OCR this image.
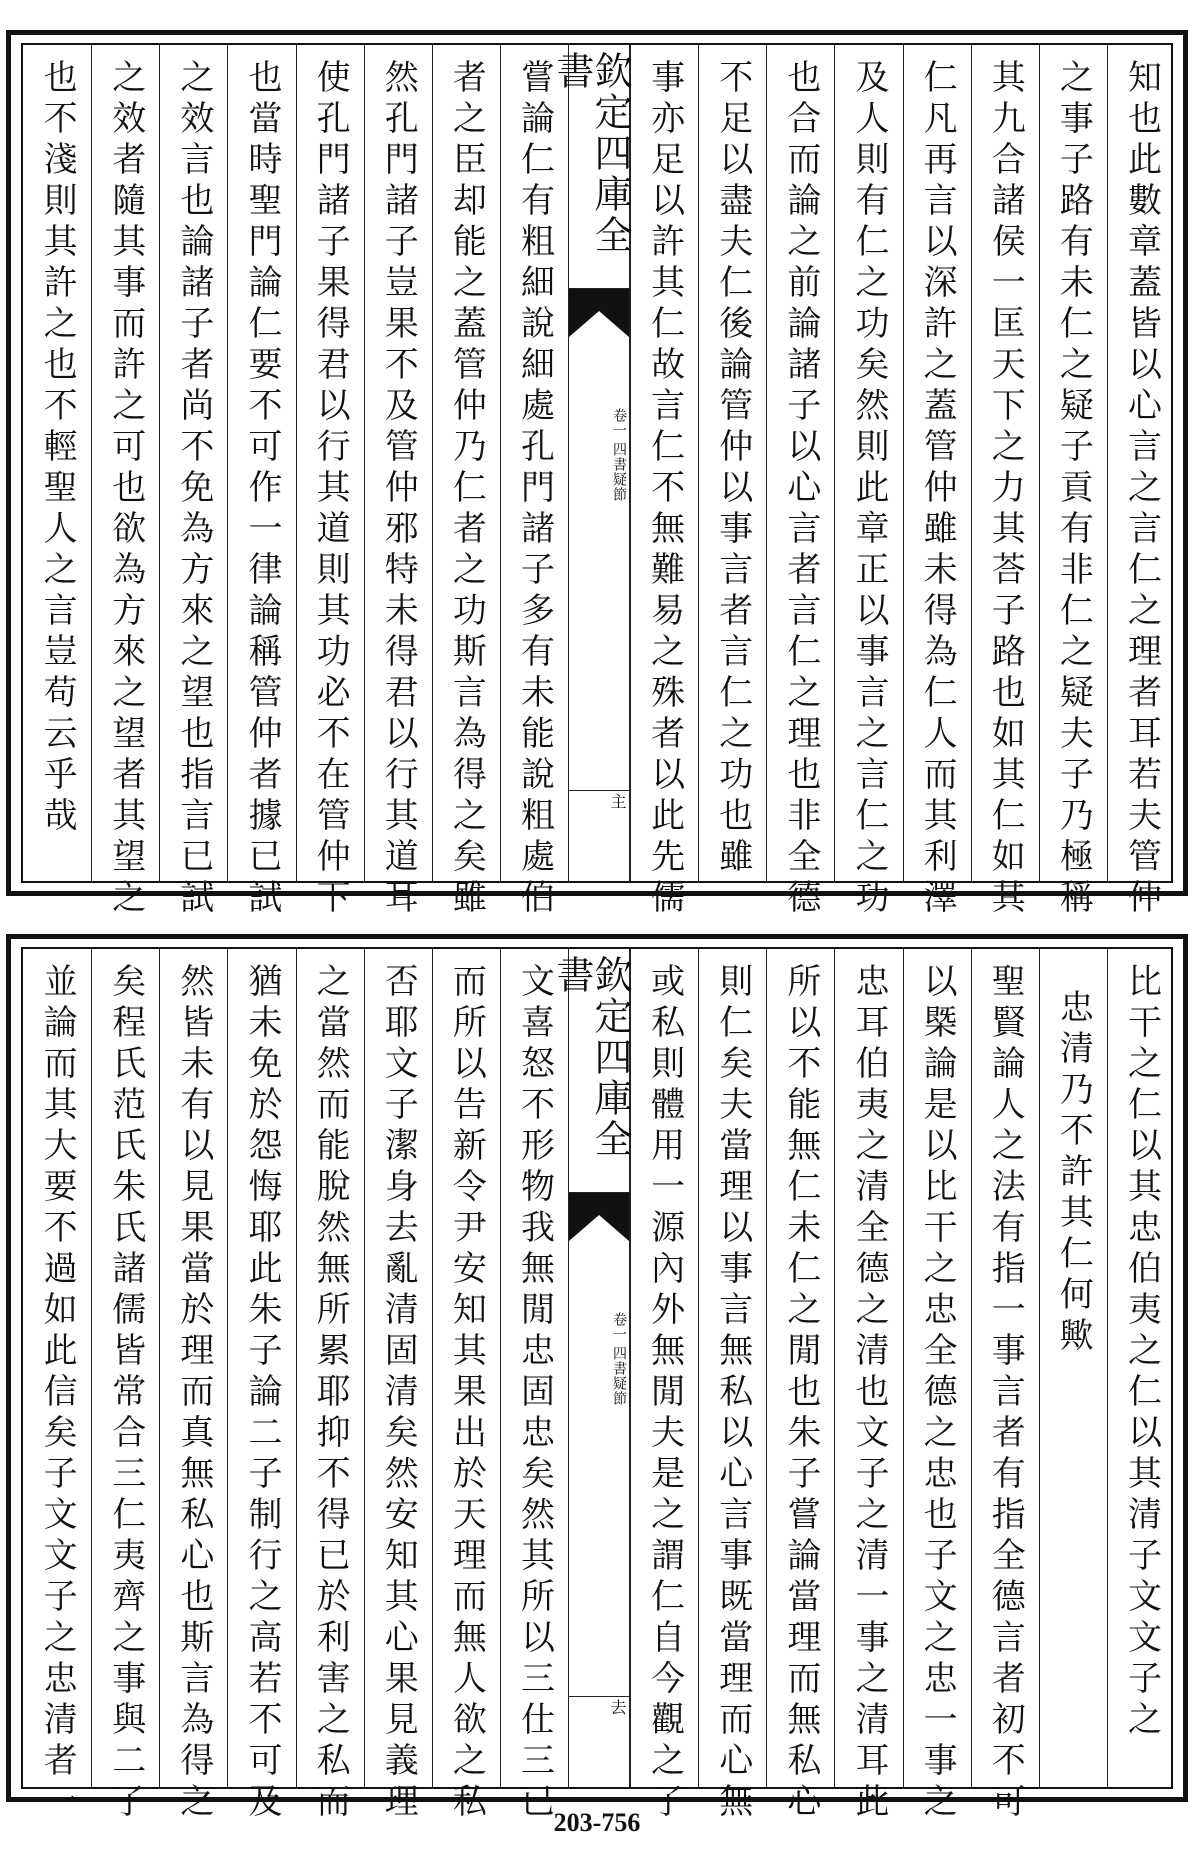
知也此數章蓋皆以心言之言仁之理者耳若夫管仲
之事子路有未仁之疑子貢有非仁之疑夫子乃極稱
其九合諸侯一匡天下之力其荅子路也如其仁如其
仁凡再言以深許之蓋管仲雖未得為仁人而其利澤
及人則有仁之功矣然則此章正以事言之言仁之功
也合而論之前論諸子以心言者言仁之理也非全德
不足以盡夫仁後論管仲以事言者言仁之功也雖一
事亦足以許其仁故言仁不無難易之殊者以此先儒
欽定四庫全書
卷一
四書疑節
主
嘗論仁有粗細說細處孔門諸子多有未能說粗處伯
者之臣却能之蓋管仲乃仁者之功斯言為得之矣雖
然孔門諸子豈果不及管仲邪特未得君以行其道耳
使孔門諸子果得君以行其道則其功必不在管仲下
也當時聖門論仁要不可作一律論稱管仲者據已試
之效言也論諸子者尚不免為方來之望也指言已試
之效者隨其事而許之可也欲為方來之望者其望之
也不淺則其許之也不輕聖人之言豈苟云乎哉
比干之仁以其忠伯夷之仁以其清子文文子之
忠清乃不許其仁何歟
聖賢論人之法有指一事言者有指全德言者初不可
以槩論是以比干之忠全德之忠也子文之忠一事之
忠耳伯夷之清全德之清也文子之清一事之清耳此
所以不能無仁未仁之閒也朱子嘗論當理而無私心
則仁矣夫當理以事言無私以心言事既當理而心無
或私則體用一源內外無閒夫是之謂仁自今觀之子
欽定四庫全書
卷一
四書疑節
去
文喜怒不形物我無閒忠固忠矣然其所以三仕三已
而所以告新令尹安知其果出於天理而無人欲之私
否耶文子潔身去亂清固清矣然安知其心果見義理
之當然而能脫然無所累耶抑不得已於利害之私而
猶未免於怨悔耶此朱子論二子制行之高若不可及
然皆未有以見果當於理而真無私心也斯言為得之
矣程氏范氏朱氏諸儒皆常合三仁夷齊之事與二子
並論而其大要不過如此信矣子文文子之忠清者一	203-756
